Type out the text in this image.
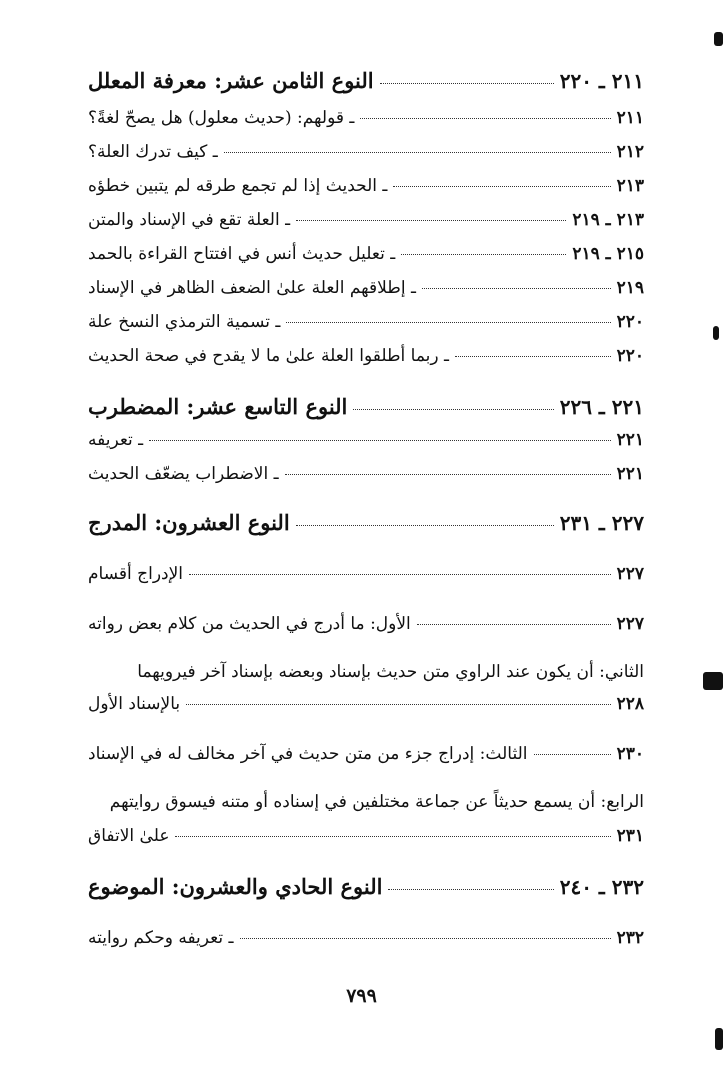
النوع الثامن عشر: معرفة المعلل	٢١١ ـ ٢٢٠
ـ قولهم: (حديث معلول) هل يصحّ لغةً؟	٢١١
ـ كيف تدرك العلة؟	٢١٢
ـ الحديث إذا لم تجمع طرقه لم يتبين خطؤه	٢١٣
ـ العلة تقع في الإسناد والمتن	٢١٣ ـ ٢١٩
ـ تعليل حديث أنس في افتتاح القراءة بالحمد	٢١٥ ـ ٢١٩
ـ إطلاقهم العلة علىٰ الضعف الظاهر في الإسناد	٢١٩
ـ تسمية الترمذي النسخ علة	٢٢٠
ـ ربما أطلقوا العلة علىٰ ما لا يقدح في صحة الحديث	٢٢٠
النوع التاسع عشر: المضطرب	٢٢١ ـ ٢٢٦
ـ تعريفه	٢٢١
ـ الاضطراب يضعّف الحديث	٢٢١
النوع العشرون: المدرج	٢٢٧ ـ ٢٣١
الإدراج أقسام	٢٢٧
الأول: ما أدرج في الحديث من كلام بعض رواته	٢٢٧
الثاني: أن يكون عند الراوي متن حديث بإسناد وبعضه بإسناد آخر فيرويهما
بالإسناد الأول	٢٢٨
الثالث: إدراج جزء من متن حديث في آخر مخالف له في الإسناد	٢٣٠
الرابع: أن يسمع حديثاً عن جماعة مختلفين في إسناده أو متنه فيسوق روايتهم
علىٰ الاتفاق	٢٣١
النوع الحادي والعشرون: الموضوع	٢٣٢ ـ ٢٤٠
ـ تعريفه وحكم روايته	٢٣٢
٧٩٩
